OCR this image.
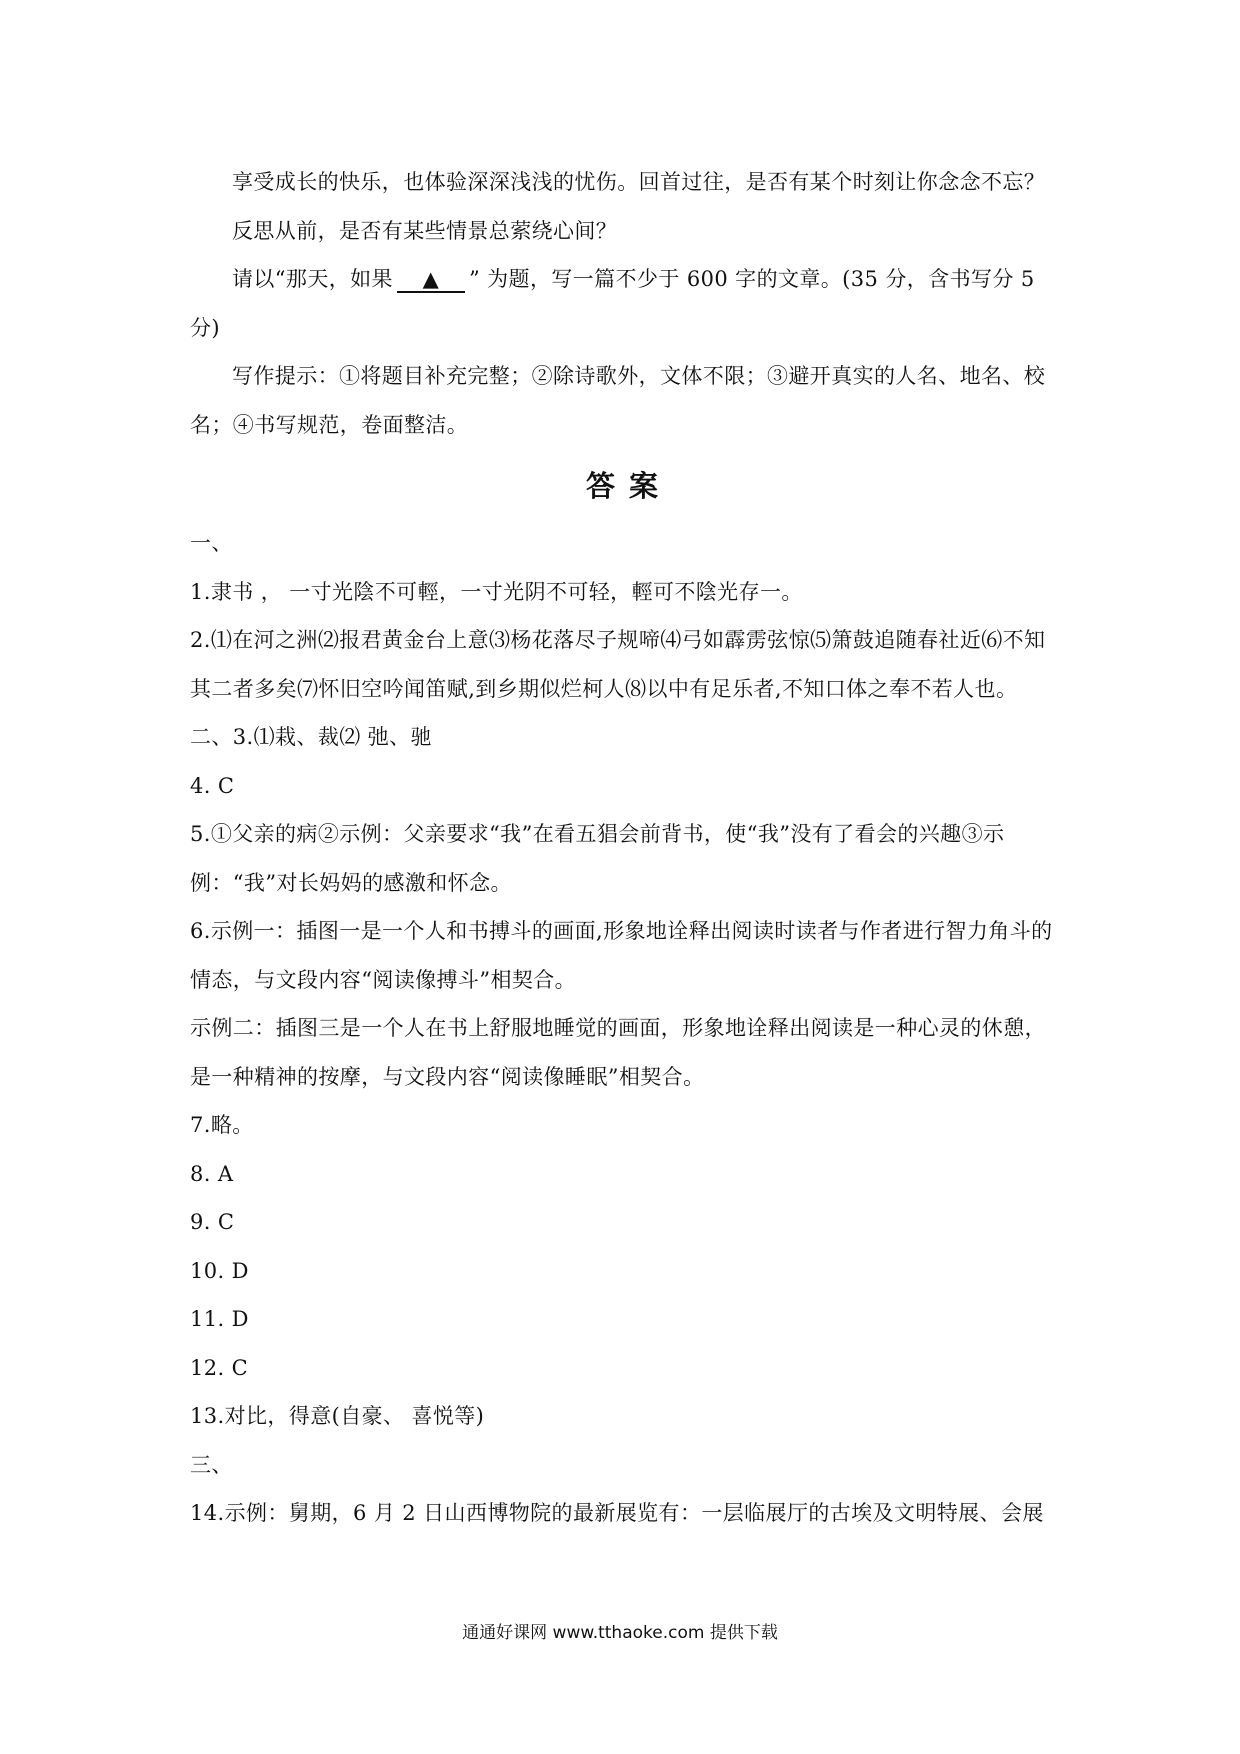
享受成长的快乐，也体验深深浅浅的忧伤。回首过往，是否有某个时刻让你念念不忘？

反思从前，是否有某些情景总萦绕心间？

请以“那天，如果 ▲ ” 为题，写一篇不少于 600 字的文章。(35 分，含书写分 5 分)

写作提示：①将题目补充完整；②除诗歌外，文体不限；③避开真实的人名、地名、校名；④书写规范，卷面整洁。

答 案

一、

1.隶书 ， 一寸光陰不可輕，一寸光阴不可轻，輕可不陰光存一。

2.⑴在河之洲⑵报君黄金台上意⑶杨花落尽子规啼⑷弓如霹雳弦惊⑸箫鼓追随春社近⑹不知其二者多矣⑺怀旧空吟闻笛赋,到乡期似烂柯人⑻以中有足乐者,不知口体之奉不若人也。

二、3.⑴栽、裁⑵ 弛、驰

4. C

5.①父亲的病②示例：父亲要求“我”在看五猖会前背书，使“我”没有了看会的兴趣③示例：“我”对长妈妈的感激和怀念。

6.示例一：插图一是一个人和书搏斗的画面,形象地诠释出阅读时读者与作者进行智力角斗的情态，与文段内容“阅读像搏斗”相契合。

示例二：插图三是一个人在书上舒服地睡觉的画面，形象地诠释出阅读是一种心灵的休憩，是一种精神的按摩，与文段内容“阅读像睡眠”相契合。

7.略。

8. A

9. C

10. D

11. D

12. C

13.对比，得意(自豪、 喜悦等)

三、

14.示例：舅期，6 月 2 日山西博物院的最新展览有：一层临展厅的古埃及文明特展、会展

通通好课网 www.tthaoke.com 提供下载
